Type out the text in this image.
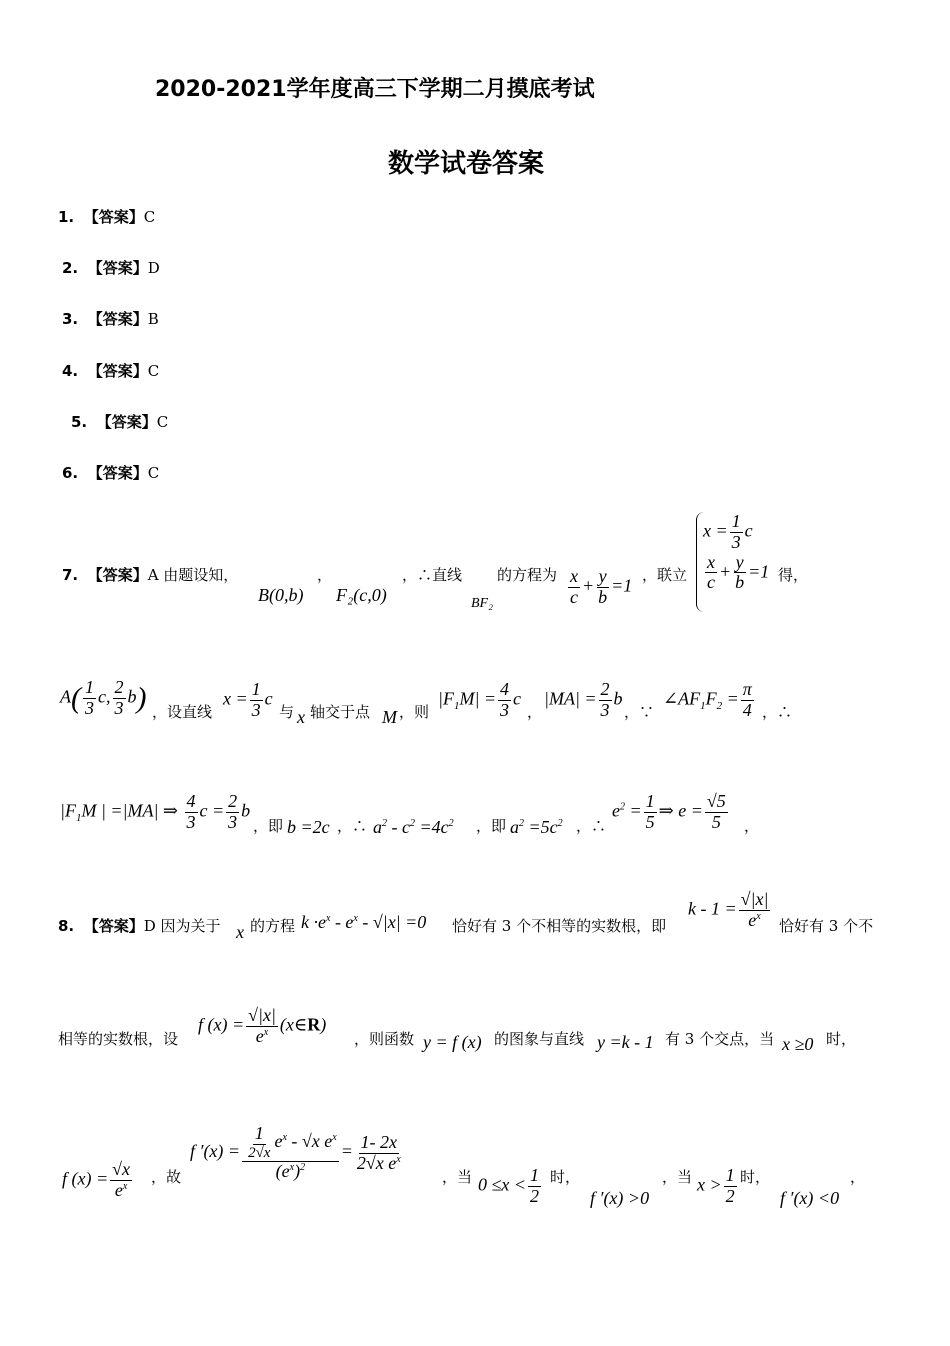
2020-2021学年度高三下学期二月摸底考试
数学试卷答案
1. 【答案】C
2. 【答案】D
3. 【答案】B
4. 【答案】C
5. 【答案】C
6. 【答案】C
7. 【答案】A 由题设知，	，
B(0,b) F₂(c,0)
，∴直线
BF₂
的方程为 $\frac{x}{c} + \frac{y}{b} =1$
，联立
$x = \frac{1}{3}$ c
$\frac{x}{c} + \frac{y}{b} =1$ 得，
$A( \frac{1}{3} c$, $\frac{2}{3} b$) ，设直线
$x = \frac{1}{3}$ c
与 x 轴交于点 M ，则
$|F_1M| = \frac{4}{3}$ c
，
$|MA| = \frac{2}{3}$ b
，∵
$\angle AF_1F_2 = \frac{\pi}{4}$ ，∴
$|F_1M$ | =|MA| ⇒ $\frac{4}{3}$ $c = \frac{2}{3}$ b
，即 b =2c ，∴ $a^2 - c^2 =4c^2$ ，即 $a^2 =5c^2$ ，∴
$e^2 = \frac{1}{5}$ ⇒ $e = \frac{√5}{5}$ ，
8. 【答案】D 因为关于 x 的方程 $k \cdot e^x - e^x - √|x| =0$ 恰好有 3 个不相等的实数根，即
$k - 1 = \frac{√|x|}{e^x}$ 恰好有 3 个不
相等的实数根，设
f $(x) = \frac{√|x|}{e^x}$ (x∈R)
，则函数 y = f (x) 的图象与直线 y =k - 1 有 3 个交点，当 x ≥0 时，
f $(x) = \frac{√x}{e^x}$ ，故
f $'(x) = \frac{\frac{1}{2√x} e^x - √x e^x}{(e^x)^2} = \frac{1- 2x}{2√x e^x}$
，当 $0 \le x < \frac{1}{2}$ 时，
f ′(x) >0
，当 $x > \frac{1}{2}$ 时，
f ′(x) <0
，
